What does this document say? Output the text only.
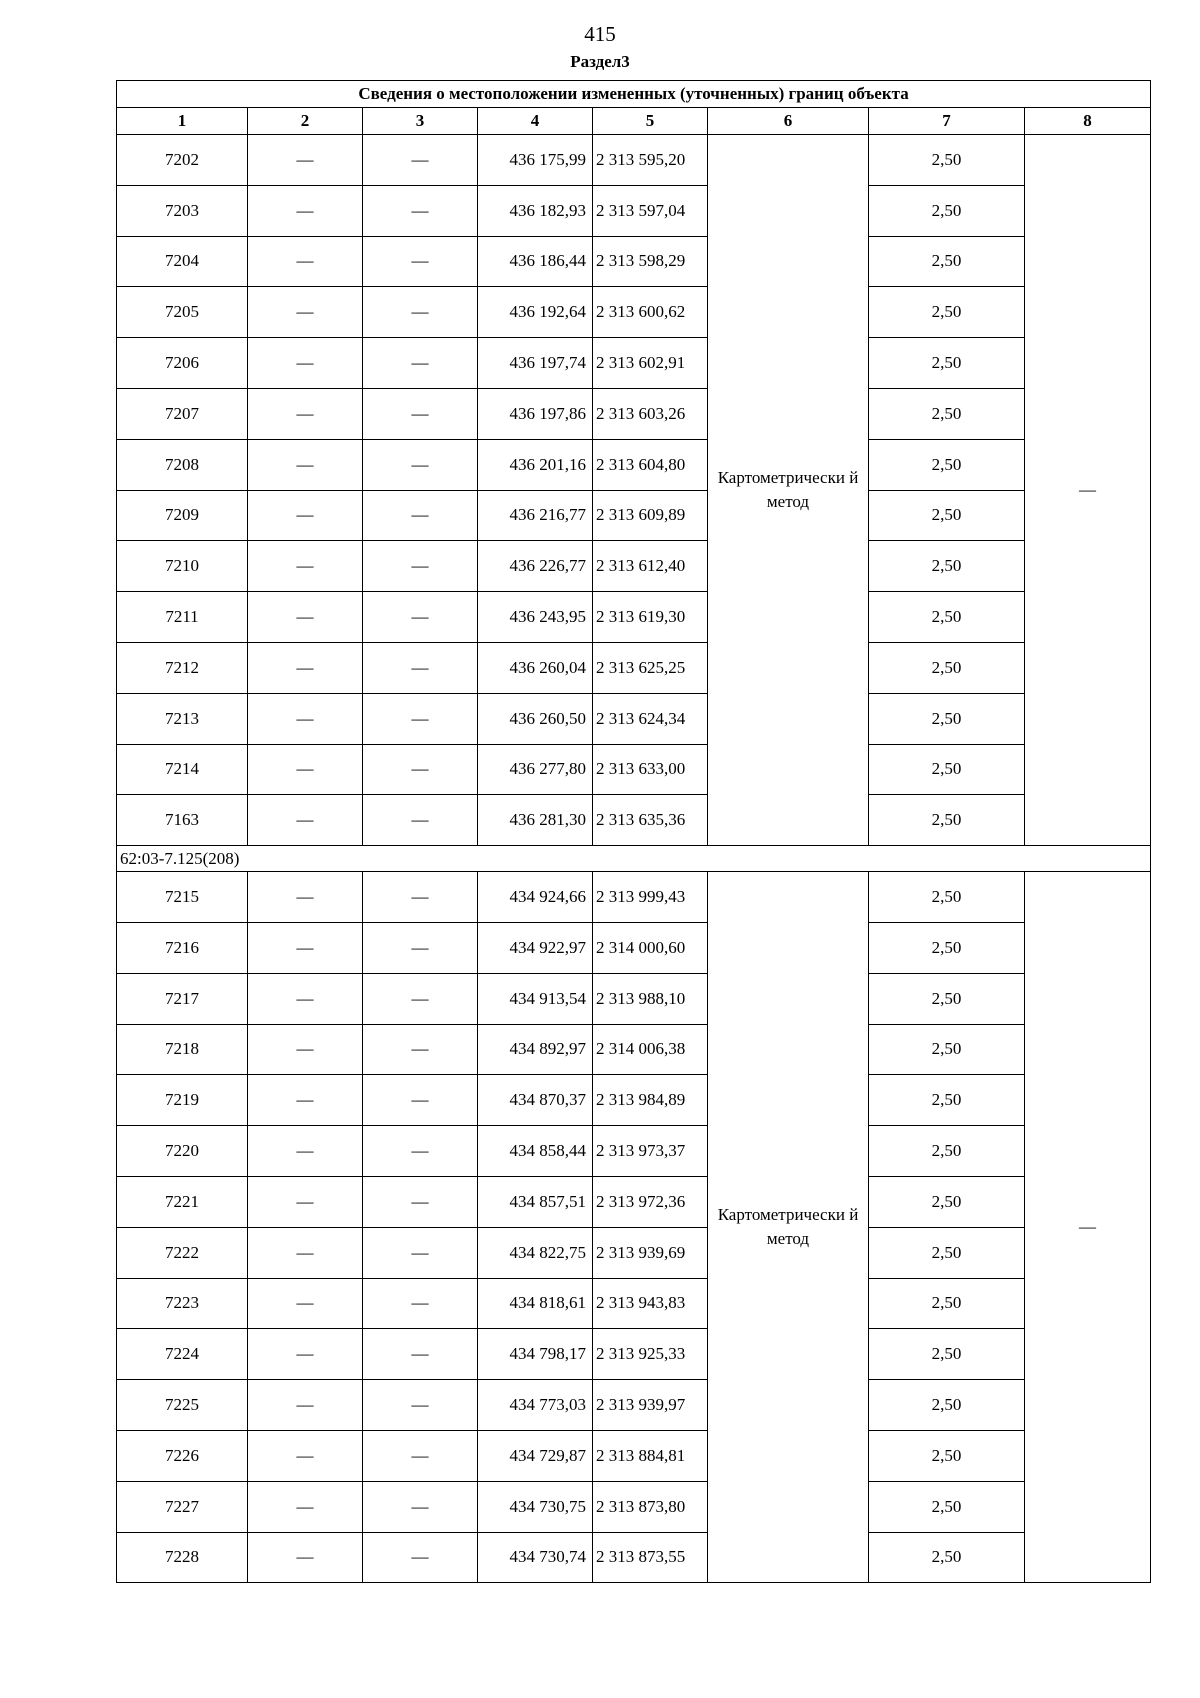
415
Раздел3
Сведения о местоположении измененных (уточненных) границ объекта							
1	2	3	4	5	6	7	8
7202	—	—	436 175,99	2 313 595,20	Картометрически й метод	2,50	—
7203	—	—	436 182,93	2 313 597,04		2,50	
7204	—	—	436 186,44	2 313 598,29		2,50	
7205	—	—	436 192,64	2 313 600,62		2,50	
7206	—	—	436 197,74	2 313 602,91		2,50	
7207	—	—	436 197,86	2 313 603,26		2,50	
7208	—	—	436 201,16	2 313 604,80		2,50	
7209	—	—	436 216,77	2 313 609,89		2,50	
7210	—	—	436 226,77	2 313 612,40		2,50	
7211	—	—	436 243,95	2 313 619,30		2,50	
7212	—	—	436 260,04	2 313 625,25		2,50	
7213	—	—	436 260,50	2 313 624,34		2,50	
7214	—	—	436 277,80	2 313 633,00		2,50	
7163	—	—	436 281,30	2 313 635,36		2,50	
62:03-7.125(208)							
7215	—	—	434 924,66	2 313 999,43	Картометрически й метод	2,50	—
7216	—	—	434 922,97	2 314 000,60		2,50	
7217	—	—	434 913,54	2 313 988,10		2,50	
7218	—	—	434 892,97	2 314 006,38		2,50	
7219	—	—	434 870,37	2 313 984,89		2,50	
7220	—	—	434 858,44	2 313 973,37		2,50	
7221	—	—	434 857,51	2 313 972,36		2,50	
7222	—	—	434 822,75	2 313 939,69		2,50	
7223	—	—	434 818,61	2 313 943,83		2,50	
7224	—	—	434 798,17	2 313 925,33		2,50	
7225	—	—	434 773,03	2 313 939,97		2,50	
7226	—	—	434 729,87	2 313 884,81		2,50	
7227	—	—	434 730,75	2 313 873,80		2,50	
7228	—	—	434 730,74	2 313 873,55		2,50	
